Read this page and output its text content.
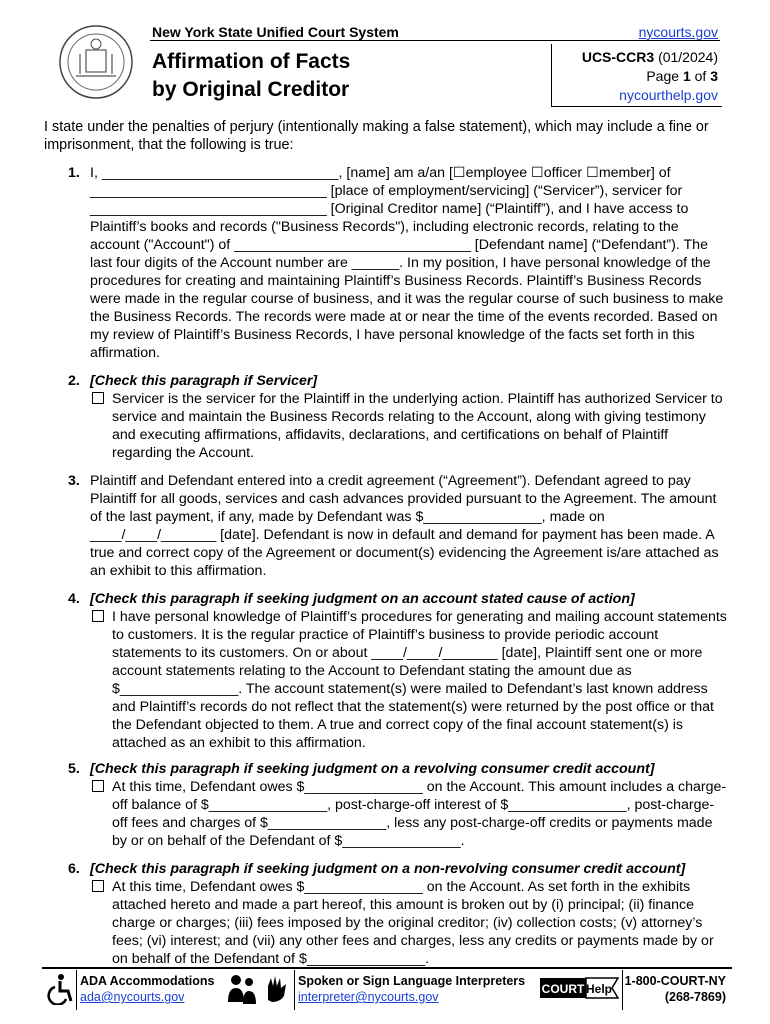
New York State Unified Court System	nycourts.gov
Affirmation of Facts
by Original Creditor
UCS-CCR3 (01/2024)
Page 1 of 3
nycourthelp.gov
I state under the penalties of perjury (intentionally making a false statement), which may include a fine or imprisonment, that the following is true:
1. I, ______________________________, [name] am a/an [☐employee ☐officer ☐member] of ______________________________ [place of employment/servicing] (“Servicer”), servicer for ______________________________ [Original Creditor name] (“Plaintiff”), and I have access to Plaintiff’s books and records ("Business Records"), including electronic records, relating to the account ("Account") of ______________________________ [Defendant name] (“Defendant”). The last four digits of the Account number are ______. In my position, I have personal knowledge of the procedures for creating and maintaining Plaintiff’s Business Records. Plaintiff’s Business Records were made in the regular course of business, and it was the regular course of such business to make the Business Records. The records were made at or near the time of the events recorded. Based on my review of Plaintiff’s Business Records, I have personal knowledge of the facts set forth in this affirmation.
2. [Check this paragraph if Servicer]
Servicer is the servicer for the Plaintiff in the underlying action. Plaintiff has authorized Servicer to service and maintain the Business Records relating to the Account, along with giving testimony and executing affirmations, affidavits, declarations, and certifications on behalf of Plaintiff regarding the Account.
3. Plaintiff and Defendant entered into a credit agreement (“Agreement”). Defendant agreed to pay Plaintiff for all goods, services and cash advances provided pursuant to the Agreement. The amount of the last payment, if any, made by Defendant was $_______________, made on ____/____/_______ [date]. Defendant is now in default and demand for payment has been made. A true and correct copy of the Agreement or document(s) evidencing the Agreement is/are attached as an exhibit to this affirmation.
4. [Check this paragraph if seeking judgment on an account stated cause of action]
I have personal knowledge of Plaintiff’s procedures for generating and mailing account statements to customers. It is the regular practice of Plaintiff’s business to provide periodic account statements to its customers. On or about ____/____/_______ [date], Plaintiff sent one or more account statements relating to the Account to Defendant stating the amount due as $_______________. The account statement(s) were mailed to Defendant’s last known address and Plaintiff’s records do not reflect that the statement(s) were returned by the post office or that the Defendant objected to them. A true and correct copy of the final account statement(s) is attached as an exhibit to this affirmation.
5. [Check this paragraph if seeking judgment on a revolving consumer credit account]
At this time, Defendant owes $_______________ on the Account. This amount includes a charge-off balance of $_______________, post-charge-off interest of $_______________, post-charge-off fees and charges of $_______________, less any post-charge-off credits or payments made by or on behalf of the Defendant of $_______________.
6. [Check this paragraph if seeking judgment on a non-revolving consumer credit account]
At this time, Defendant owes $_______________ on the Account. As set forth in the exhibits attached hereto and made a part hereof, this amount is broken out by (i) principal; (ii) finance charge or charges; (iii) fees imposed by the original creditor; (iv) collection costs; (v) attorney’s fees; (vi) interest; and (vii) any other fees and charges, less any credits or payments made by or on behalf of the Defendant of $_______________.
ADA Accommodations
ada@nycourts.gov
Spoken or Sign Language Interpreters
interpreter@nycourts.gov
COURT Help
1-800-COURT-NY
(268-7869)
